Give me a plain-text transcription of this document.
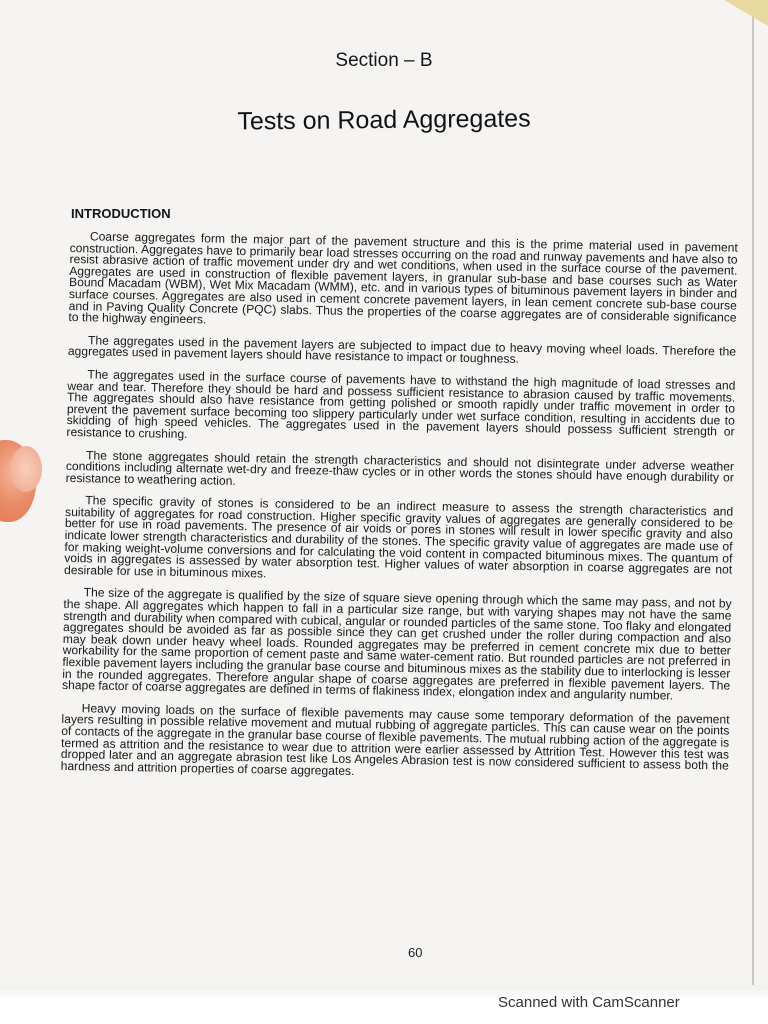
Section – B
Tests on Road Aggregates
INTRODUCTION

Coarse aggregates form the major part of the pavement structure and this is the prime material used in pavement construction. Aggregates have to primarily bear load stresses occurring on the road and runway pavements and have also to resist abrasive action of traffic movement under dry and wet conditions, when used in the surface course of the pavement. Aggregates are used in construction of flexible pavement layers, in granular sub-base and base courses such as Water Bound Macadam (WBM), Wet Mix Macadam (WMM), etc. and in various types of bituminous pavement layers in binder and surface courses. Aggregates are also used in cement concrete pavement layers, in lean cement concrete sub-base course and in Paving Quality Concrete (PQC) slabs. Thus the properties of the coarse aggregates are of considerable significance to the highway engineers.

The aggregates used in the pavement layers are subjected to impact due to heavy moving wheel loads. Therefore the aggregates used in pavement layers should have resistance to impact or toughness.

The aggregates used in the surface course of pavements have to withstand the high magnitude of load stresses and wear and tear. Therefore they should be hard and possess sufficient resistance to abrasion caused by traffic movements. The aggregates should also have resistance from getting polished or smooth rapidly under traffic movement in order to prevent the pavement surface becoming too slippery particularly under wet surface condition, resulting in accidents due to skidding of high speed vehicles. The aggregates used in the pavement layers should possess sufficient strength or resistance to crushing.

The stone aggregates should retain the strength characteristics and should not disintegrate under adverse weather conditions including alternate wet-dry and freeze-thaw cycles or in other words the stones should have enough durability or resistance to weathering action.

The specific gravity of stones is considered to be an indirect measure to assess the strength characteristics and suitability of aggregates for road construction. Higher specific gravity values of aggregates are generally considered to be better for use in road pavements. The presence of air voids or pores in stones will result in lower specific gravity and also indicate lower strength characteristics and durability of the stones. The specific gravity value of aggregates are made use of for making weight-volume conversions and for calculating the void content in compacted bituminous mixes. The quantum of voids in aggregates is assessed by water absorption test. Higher values of water absorption in coarse aggregates are not desirable for use in bituminous mixes.

The size of the aggregate is qualified by the size of square sieve opening through which the same may pass, and not by the shape. All aggregates which happen to fall in a particular size range, but with varying shapes may not have the same strength and durability when compared with cubical, angular or rounded particles of the same stone. Too flaky and elongated aggregates should be avoided as far as possible since they can get crushed under the roller during compaction and also may beak down under heavy wheel loads. Rounded aggregates may be preferred in cement concrete mix due to better workability for the same proportion of cement paste and same water-cement ratio. But rounded particles are not preferred in flexible pavement layers including the granular base course and bituminous mixes as the stability due to interlocking is lesser in the rounded aggregates. Therefore angular shape of coarse aggregates are preferred in flexible pavement layers. The shape factor of coarse aggregates are defined in terms of flakiness index, elongation index and angularity number.

Heavy moving loads on the surface of flexible pavements may cause some temporary deformation of the pavement layers resulting in possible relative movement and mutual rubbing of aggregate particles. This can cause wear on the points of contacts of the aggregate in the granular base course of flexible pavements. The mutual rubbing action of the aggregate is termed as attrition and the resistance to wear due to attrition were earlier assessed by Attrition Test. However this test was dropped later and an aggregate abrasion test like Los Angeles Abrasion test is now considered sufficient to assess both the hardness and attrition properties of coarse aggregates.

60
Scanned with CamScanner
